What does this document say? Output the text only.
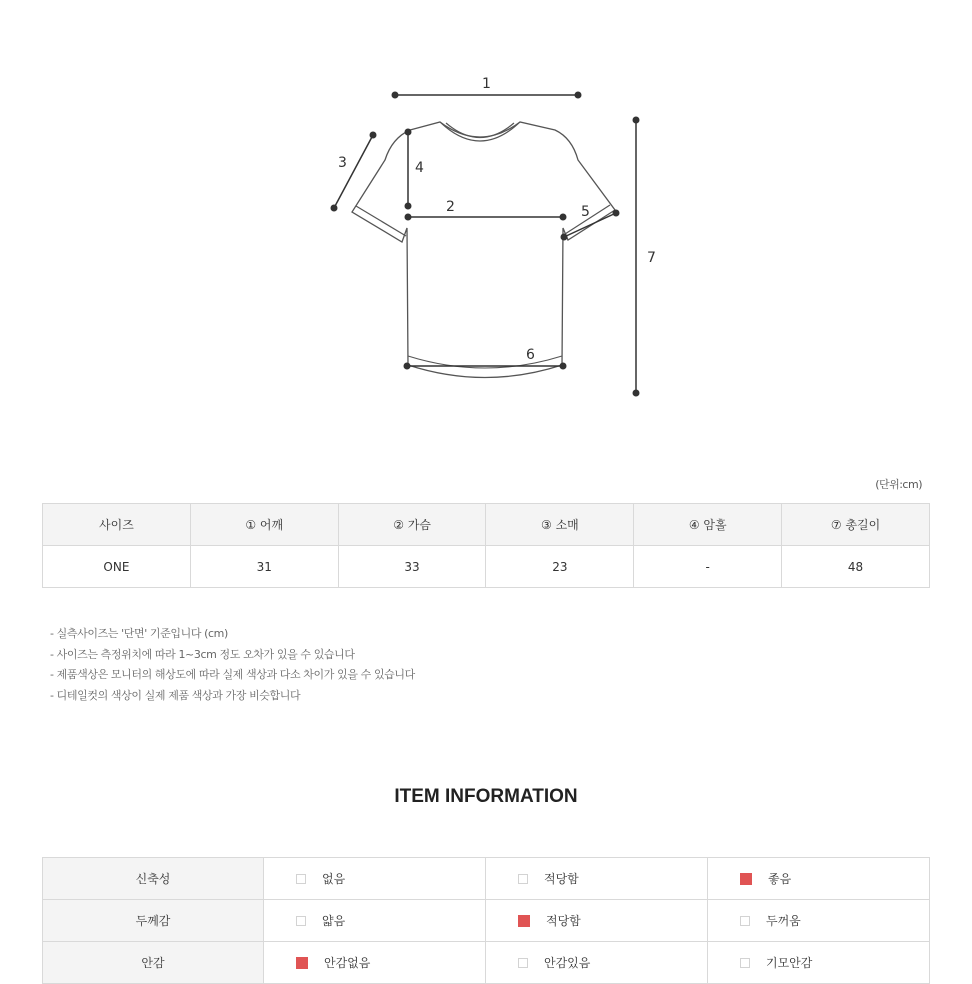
1
2
3	4
5
6
7
(단위:cm)
사이즈	① 어깨	② 가슴	③ 소매	④ 암홀	⑦ 총길이
ONE	31	33	23	-	48
- 실측사이즈는 '단면' 기준입니다 (cm)
- 사이즈는 측정위치에 따라 1~3cm 정도 오차가 있을 수 있습니다
- 제품색상은 모니터의 해상도에 따라 실제 색상과 다소 차이가 있을 수 있습니다
- 디테일컷의 색상이 실제 제품 색상과 가장 비슷합니다
ITEM INFORMATION
신축성	없음	적당함	좋음
두께감	얇음	적당함	두꺼움
안감	안감없음	안감있음	기모안감
